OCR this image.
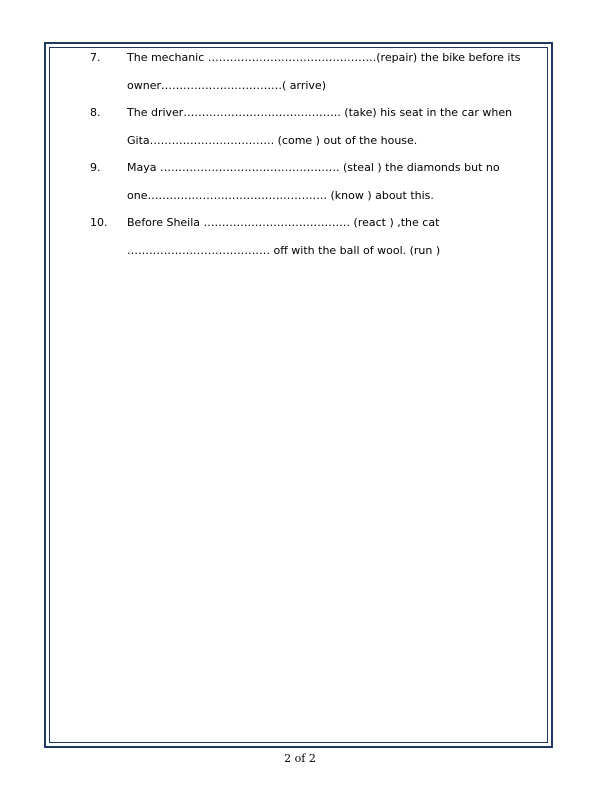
7.	The mechanic ……………………………………….(repair) the bike before its
owner……………………………( arrive)
8.	The driver……………………………………. (take) his seat in the car when
Gita……………………………. (come ) out of the house.
9.	Maya …………………………………………. (steal ) the diamonds but no
one…………………………………………. (know ) about this.
10.	Before Sheila …………………………………. (react ) ,the cat
………………………………… off with the ball of wool. (run )
2 of 2
